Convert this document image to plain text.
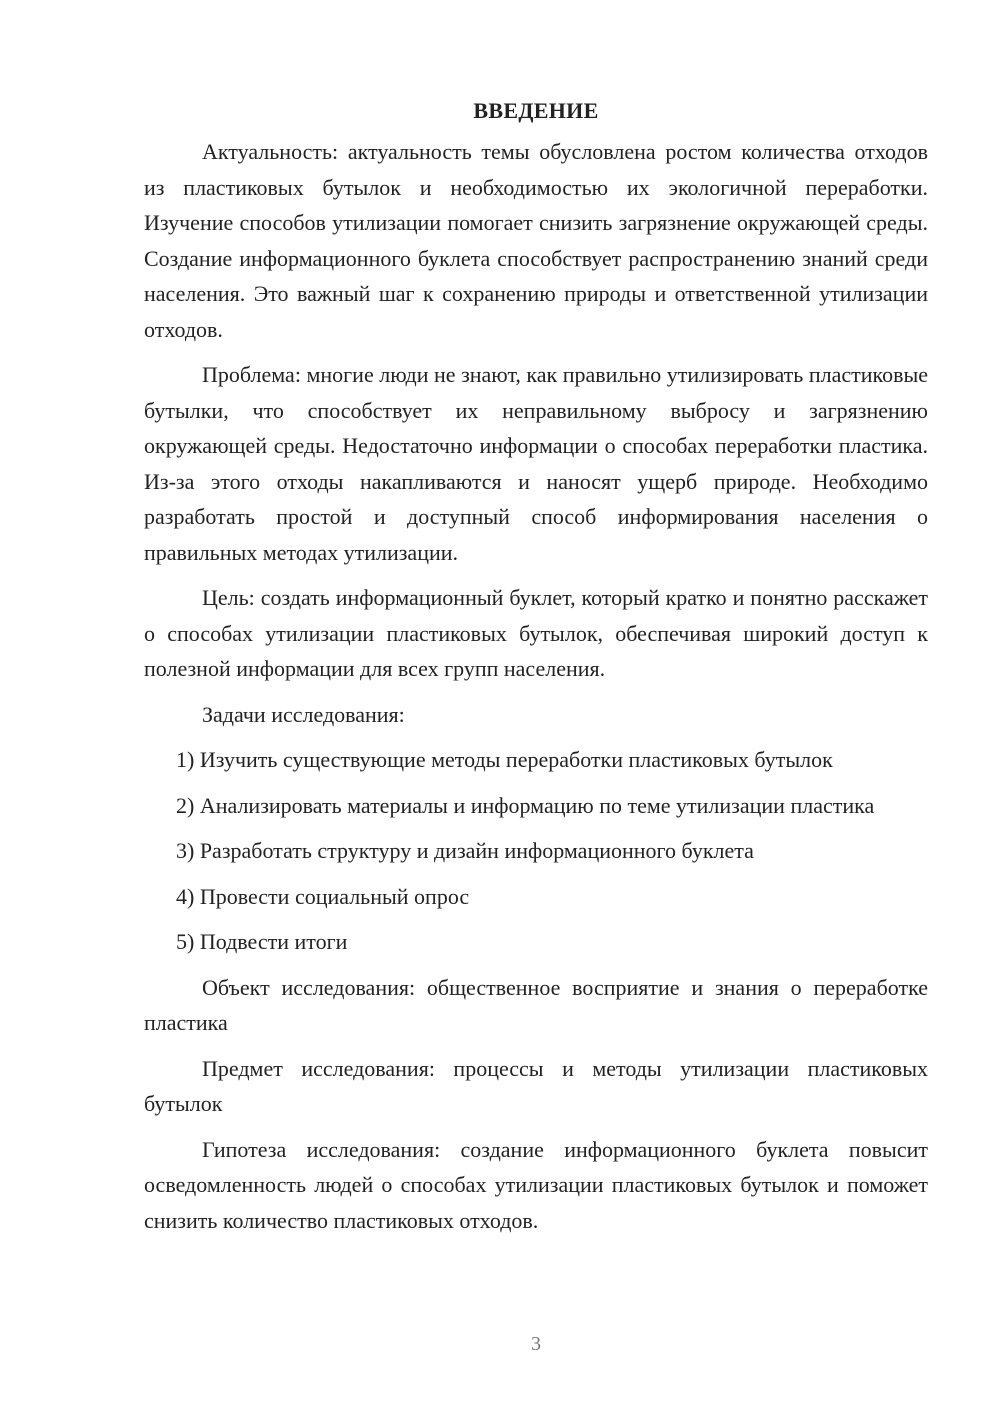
ВВЕДЕНИЕ

Актуальность: актуальность темы обусловлена ростом количества отходов из пластиковых бутылок и необходимостью их экологичной переработки. Изучение способов утилизации помогает снизить загрязнение окружающей среды. Создание информационного буклета способствует распространению знаний среди населения. Это важный шаг к сохранению природы и ответственной утилизации отходов.

Проблема: многие люди не знают, как правильно утилизировать пластиковые бутылки, что способствует их неправильному выбросу и загрязнению окружающей среды. Недостаточно информации о способах переработки пластика. Из-за этого отходы накапливаются и наносят ущерб природе. Необходимо разработать простой и доступный способ информирования населения о правильных методах утилизации.

Цель: создать информационный буклет, который кратко и понятно расскажет о способах утилизации пластиковых бутылок, обеспечивая широкий доступ к полезной информации для всех групп населения.

Задачи исследования:

1) Изучить существующие методы переработки пластиковых бутылок

2) Анализировать материалы и информацию по теме утилизации пластика

3) Разработать структуру и дизайн информационного буклета

4) Провести социальный опрос

5) Подвести итоги

Объект исследования: общественное восприятие и знания о переработке пластика

Предмет исследования: процессы и методы утилизации пластиковых бутылок

Гипотеза исследования: создание информационного буклета повысит осведомленность людей о способах утилизации пластиковых бутылок и поможет снизить количество пластиковых отходов.

3
